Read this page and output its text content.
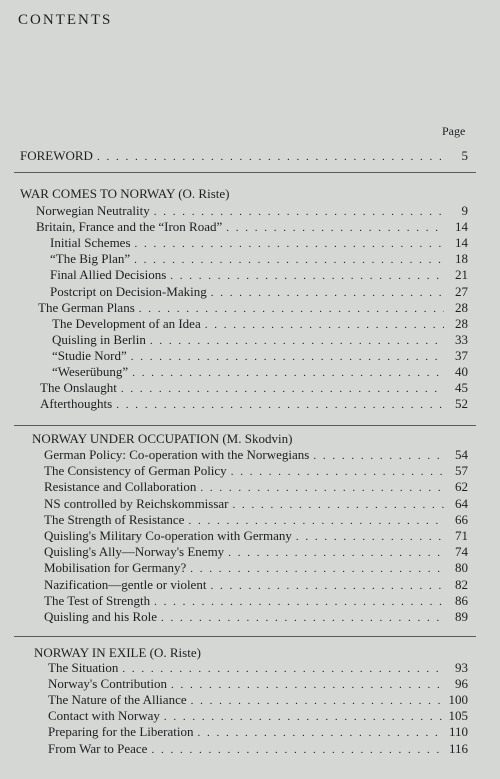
CONTENTS
Page
FOREWORD . . .	5
WAR COMES TO NORWAY (O. Riste)
Norwegian Neutrality . . .	9
Britain, France and the “Iron Road” . . .	14
Initial Schemes . . .	14
“The Big Plan” . . .	18
Final Allied Decisions . . .	21
Postcript on Decision-Making . . .	27
The German Plans . . .	28
The Development of an Idea . . .	28
Quisling in Berlin . . .	33
“Studie Nord” . . .	37
“Weserübung” . . .	40
The Onslaught . . .	45
Afterthoughts . . .	52
NORWAY UNDER OCCUPATION (M. Skodvin)
German Policy: Co-operation with the Norwegians . . .	54
The Consistency of German Policy . . .	57
Resistance and Collaboration . . .	62
NS controlled by Reichskommissar . . .	64
The Strength of Resistance . . .	66
Quisling's Military Co-operation with Germany . . .	71
Quisling's Ally—Norway's Enemy . . .	74
Mobilisation for Germany? . . .	80
Nazification—gentle or violent . . .	82
The Test of Strength . . .	86
Quisling and his Role . . .	89
NORWAY IN EXILE (O. Riste)
The Situation . . .	93
Norway's Contribution . . .	96
The Nature of the Alliance . . .	100
Contact with Norway . . .	105
Preparing for the Liberation . . .	110
From War to Peace . . .	116
